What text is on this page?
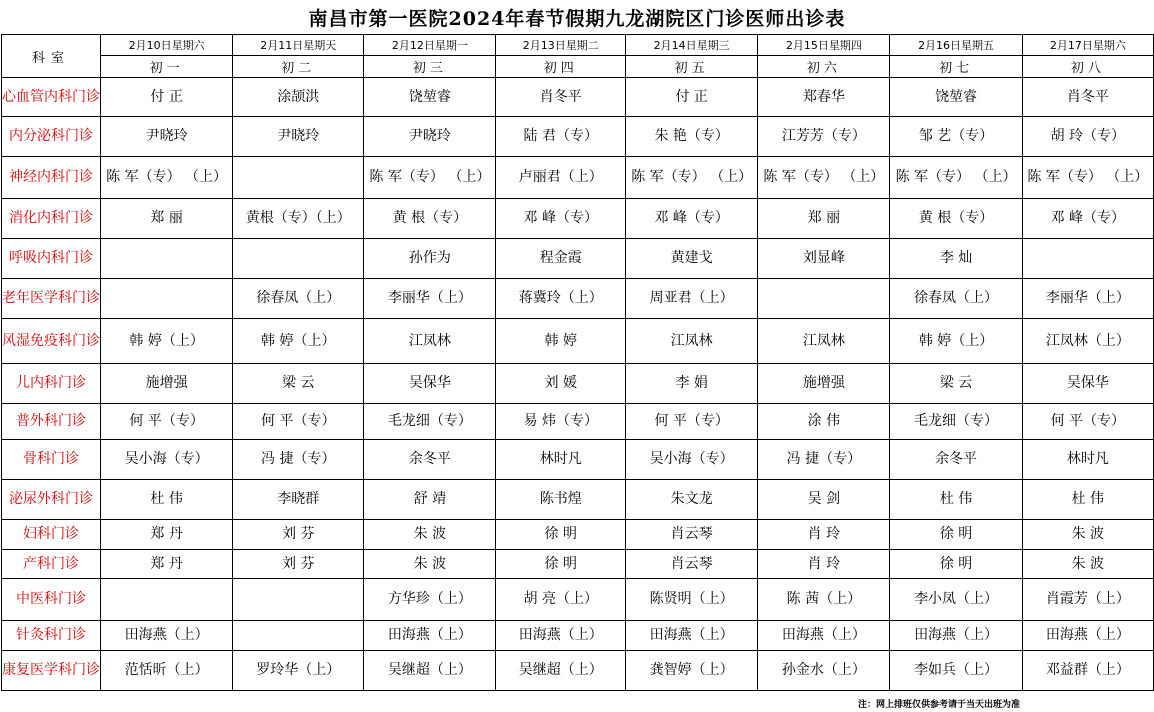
南昌市第一医院2024年春节假期九龙湖院区门诊医师出诊表
科室	2月10日星期六	2月11日星期天	2月12日星期一	2月13日星期二	2月14日星期三	2月15日星期四	2月16日星期五	2月17日星期六
	初一	初二	初三	初四	初五	初六	初七	初八
心血管内科门诊	付 正	涂颉洪	饶堃睿	肖冬平	付 正	郑春华	饶堃睿	肖冬平
内分泌科门诊	尹晓玲	尹晓玲	尹晓玲	陆 君（专）	朱 艳（专）	江芳芳（专）	邹 艺（专）	胡 玲（专）
神经内科门诊	陈 军（专） （上）		陈 军（专） （上）	卢丽君（上）	陈 军（专） （上）	陈 军（专） （上）	陈 军（专） （上）	陈 军（专） （上）
消化内科门诊	郑 丽	黄根（专）（上）	黄 根（专）	邓 峰（专）	邓 峰（专）	郑 丽	黄 根（专）	邓 峰（专）
呼吸内科门诊			孙作为	程金霞	黄建戈	刘显峰	李 灿	
老年医学科门诊		徐春凤（上）	李丽华（上）	蒋冀玲（上）	周亚君（上）		徐春凤（上）	李丽华（上）
风湿免疫科门诊	韩 婷（上）	韩 婷（上）	江凤林	韩 婷	江凤林	江凤林	韩 婷（上）	江凤林（上）
儿内科门诊	施增强	梁 云	吴保华	刘 媛	李 娟	施增强	梁 云	吴保华
普外科门诊	何 平（专）	何 平（专）	毛龙细（专）	易 炜（专）	何 平（专）	涂 伟	毛龙细（专）	何 平（专）
骨科门诊	吴小海（专）	冯 捷（专）	余冬平	林时凡	吴小海（专）	冯 捷（专）	余冬平	林时凡
泌尿外科门诊	杜 伟	李晓群	舒 靖	陈书煌	朱文龙	吴 剑	杜 伟	杜 伟
妇科门诊	郑 丹	刘 芬	朱 波	徐 明	肖云琴	肖 玲	徐 明	朱 波
产科门诊	郑 丹	刘 芬	朱 波	徐 明	肖云琴	肖 玲	徐 明	朱 波
中医科门诊			方华珍（上）	胡 亮（上）	陈贤明（上）	陈 茜（上）	李小凤（上）	肖霞芳（上）
针灸科门诊	田海燕（上）		田海燕（上）	田海燕（上）	田海燕（上）	田海燕（上）	田海燕（上）	田海燕（上）
康复医学科门诊	范恬昕（上）	罗玲华（上）	吴继超（上）	吴继超（上）	龚智婷（上）	孙金水（上）	李如兵（上）	邓益群（上）
注：网上排班仅供参考请于当天出班为准
